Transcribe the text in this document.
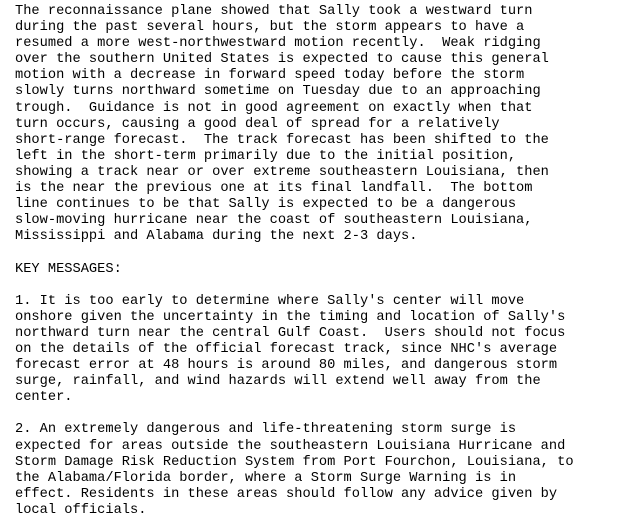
The reconnaissance plane showed that Sally took a westward turn
during the past several hours, but the storm appears to have a
resumed a more west-northwestward motion recently.  Weak ridging
over the southern United States is expected to cause this general
motion with a decrease in forward speed today before the storm
slowly turns northward sometime on Tuesday due to an approaching
trough.  Guidance is not in good agreement on exactly when that
turn occurs, causing a good deal of spread for a relatively
short-range forecast.  The track forecast has been shifted to the
left in the short-term primarily due to the initial position,
showing a track near or over extreme southeastern Louisiana, then
is the near the previous one at its final landfall.  The bottom
line continues to be that Sally is expected to be a dangerous
slow-moving hurricane near the coast of southeastern Louisiana,
Mississippi and Alabama during the next 2-3 days.
KEY MESSAGES:
1. It is too early to determine where Sally's center will move
onshore given the uncertainty in the timing and location of Sally's
northward turn near the central Gulf Coast.  Users should not focus
on the details of the official forecast track, since NHC's average
forecast error at 48 hours is around 80 miles, and dangerous storm
surge, rainfall, and wind hazards will extend well away from the
center.
2. An extremely dangerous and life-threatening storm surge is
expected for areas outside the southeastern Louisiana Hurricane and
Storm Damage Risk Reduction System from Port Fourchon, Louisiana, to
the Alabama/Florida border, where a Storm Surge Warning is in
effect. Residents in these areas should follow any advice given by
local officials.
